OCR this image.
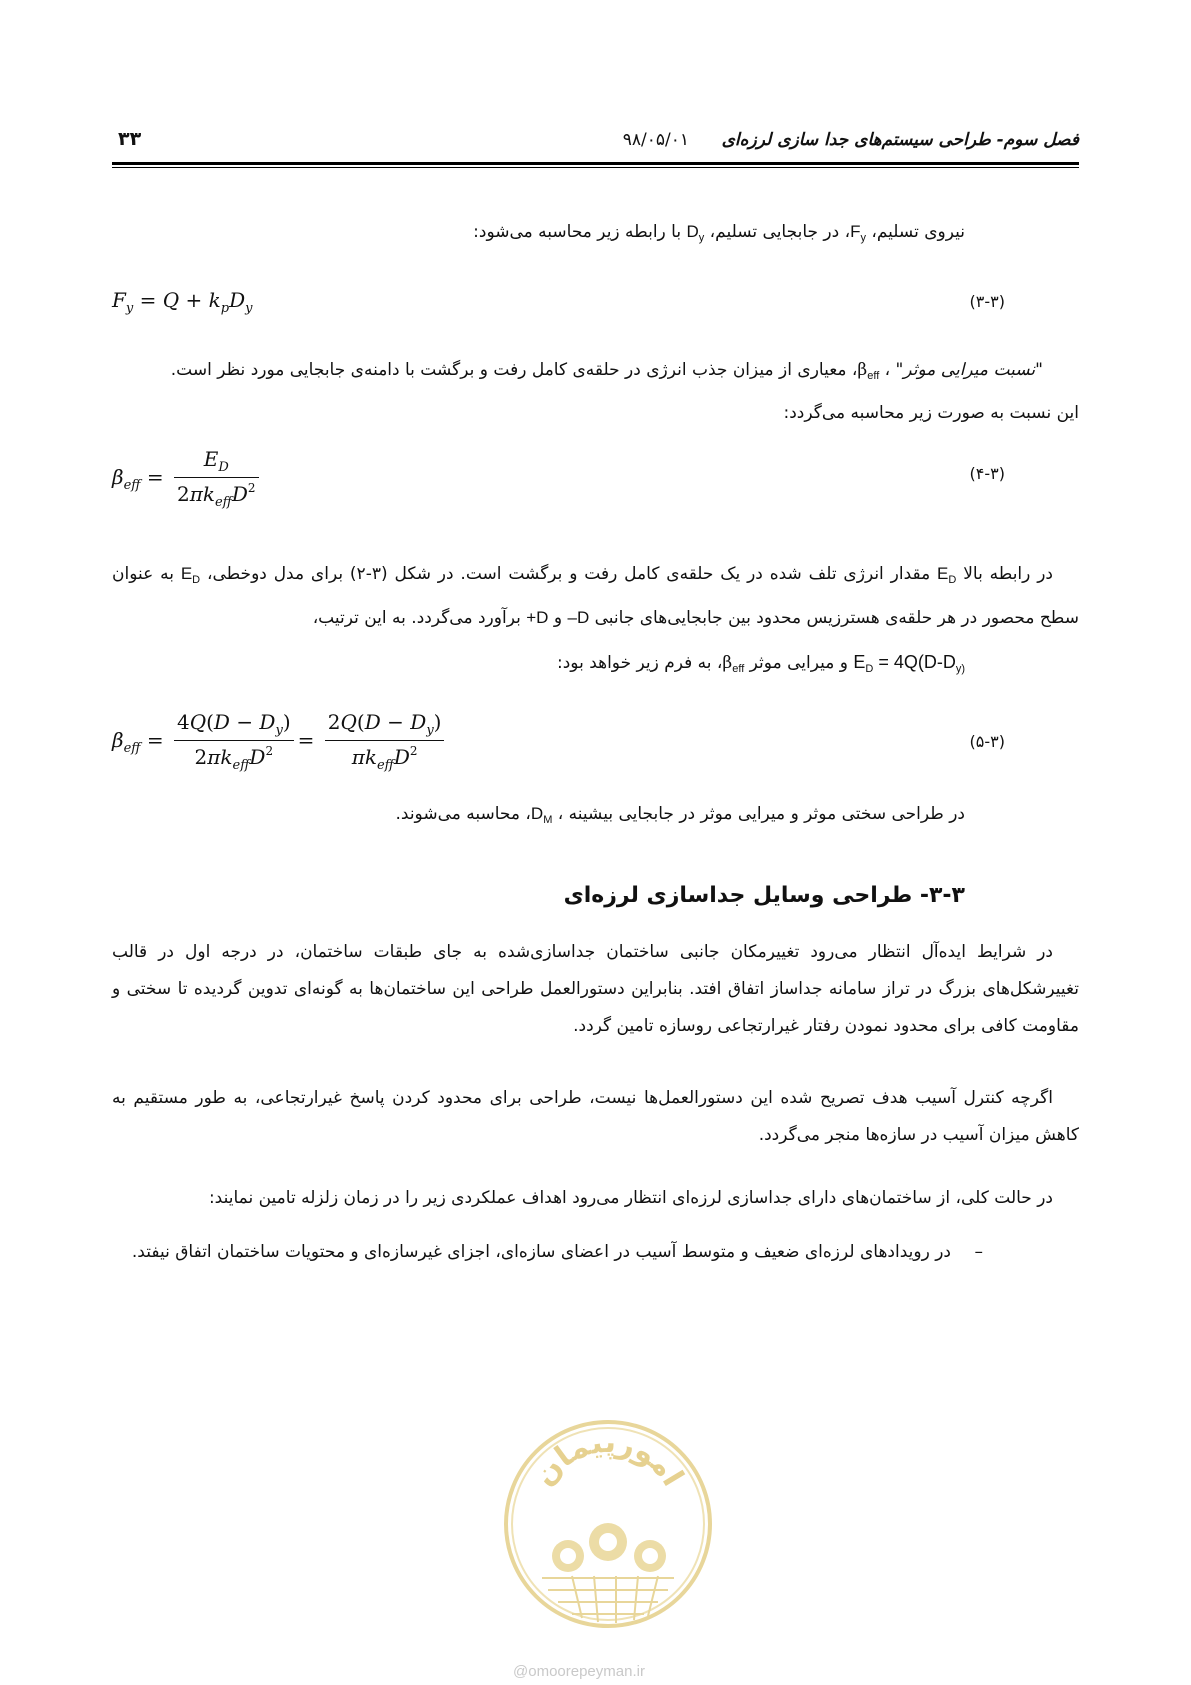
فصل سوم- طراحی سیستم‌های جدا سازی لرزه‌ای
۹۸/۰۵/۰۱
۳۳
نیروی تسلیم، $F_y،$ در جابجایی تسلیم، $D_y$ با رابطه زیر محاسبه می‌شود:
$F_y = Q + k_pD_y$	(۳-۳)
"نسبت میرایی موثر" ، $\beta_{eff}،$ معیاری از میزان جذب انرژی در حلقه‌ی کامل رفت و برگشت با دامنه‌ی جابجایی مورد نظر است.
این نسبت به صورت زیر محاسبه می‌گردد:
$\beta_{eff} = \frac{E_D}{2\pi k_{eff}D^2}$	(۴-۳)
در رابطه بالا $E_D$ مقدار انرژی تلف شده در یک حلقه‌ی کامل رفت و برگشت است. در شکل (۳-۲) برای مدل دوخطی، $E_D$ به عنوان سطح محصور در هر حلقه‌ی هسترزیس محدود بین جابجایی‌های جانبی D– و D+ برآورد می‌گردد. به این ترتیب،
$E_D = 4Q(D-D_{y)}$ و میرایی موثر $\beta_{eff}،$ به فرم زیر خواهد بود:
$\beta_{eff} = \frac{4Q(D - D_y)}{2\pi k_{eff}D^2} = \frac{2Q(D - D_y)}{\pi k_{eff}D^2}$	(۵-۳)
در طراحی سختی موثر و میرایی موثر در جابجایی بیشینه ، $D_M،$ محاسبه می‌شوند.
۳-۳- طراحی وسایل جداسازی لرزه‌ای
در شرایط ایده‌آل انتظار می‌رود تغییرمکان جانبی ساختمان جداسازی‌شده به جای طبقات ساختمان، در درجه اول در قالب تغییرشکل‌های بزرگ در تراز سامانه جداساز اتفاق افتد. بنابراین دستورالعمل طراحی این ساختمان‌ها به گونه‌ای تدوین گردیده تا سختی و مقاومت کافی برای محدود نمودن رفتار غیرارتجاعی روسازه تامین گردد.
اگرچه کنترل آسیب هدف تصریح شده این دستورالعمل‌ها نیست، طراحی برای محدود کردن پاسخ غیرارتجاعی، به طور مستقیم به کاهش میزان آسیب در سازه‌ها منجر می‌گردد.
در حالت کلی، از ساختمان‌های دارای جداسازی لرزه‌ای انتظار می‌رود اهداف عملکردی زیر را در زمان زلزله تامین نمایند:
–
در رویدادهای لرزه‌ای ضعیف و متوسط آسیب در اعضای سازه‌ای، اجزای غیرسازه‌ای و محتویات ساختمان اتفاق نیفتد.
امورپیمان
@omoorepeyman.ir
